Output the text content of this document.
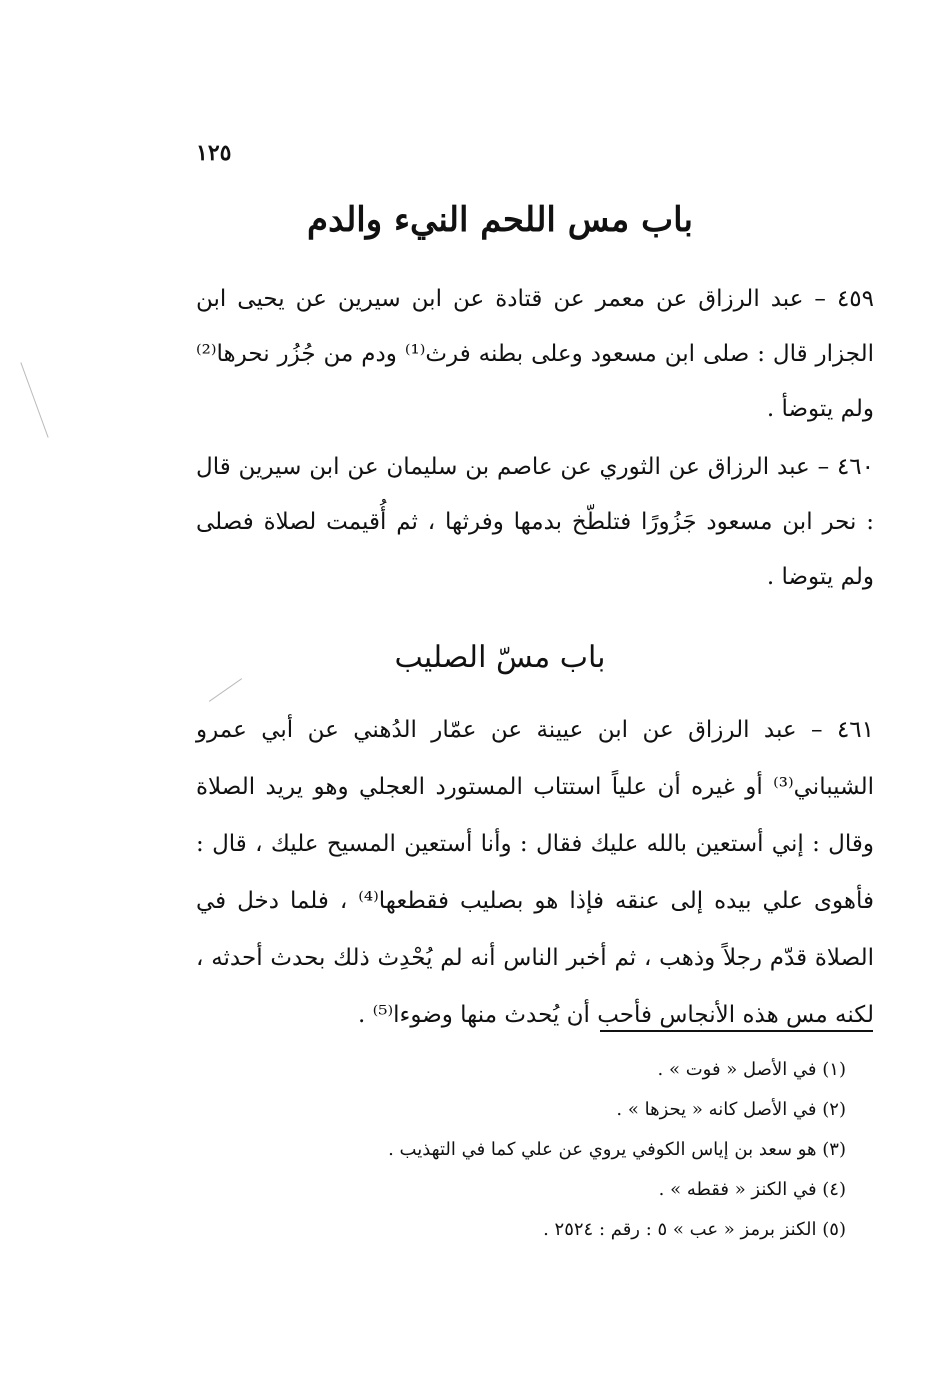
١٢٥
باب مس اللحم النيء والدم
٤٥٩ – عبد الرزاق عن معمر عن قتادة عن ابن سيرين عن يحيى ابن الجزار قال : صلى ابن مسعود وعلى بطنه فرث⁽¹⁾ ودم من جُزُر نحرها⁽²⁾ ولم يتوضأ .
٤٦٠ – عبد الرزاق عن الثوري عن عاصم بن سليمان عن ابن سيرين قال : نحر ابن مسعود جَزُورًا فتلطّخ بدمها وفرثها ، ثم أُقيمت لصلاة فصلى ولم يتوضا .
باب مسّ الصليب
٤٦١ – عبد الرزاق عن ابن عيينة عن عمّار الدُهني عن أبي عمرو الشيباني⁽³⁾ أو غيره أن علياً استتاب المستورد العجلي وهو يريد الصلاة وقال : إني أستعين بالله عليك فقال : وأنا أستعين المسيح عليك ، قال : فأهوى علي بيده إلى عنقه فإذا هو بصليب فقطعها⁽⁴⁾ ، فلما دخل في الصلاة قدّم رجلاً وذهب ، ثم أخبر الناس أنه لم يُحْدِث ذلك بحدث أحدثه ، لكنه مس هذه الأنجاس فأحب أن يُحدث منها وضوءا⁽⁵⁾ .
(١) في الأصل « فوت » .
(٢) في الأصل كانه « يحزها » .
(٣) هو سعد بن إياس الكوفي يروي عن علي كما في التهذيب .
(٤) في الكنز « فقطه » .
(٥) الكنز برمز « عب » ٥ : رقم : ٢٥٢٤ .
